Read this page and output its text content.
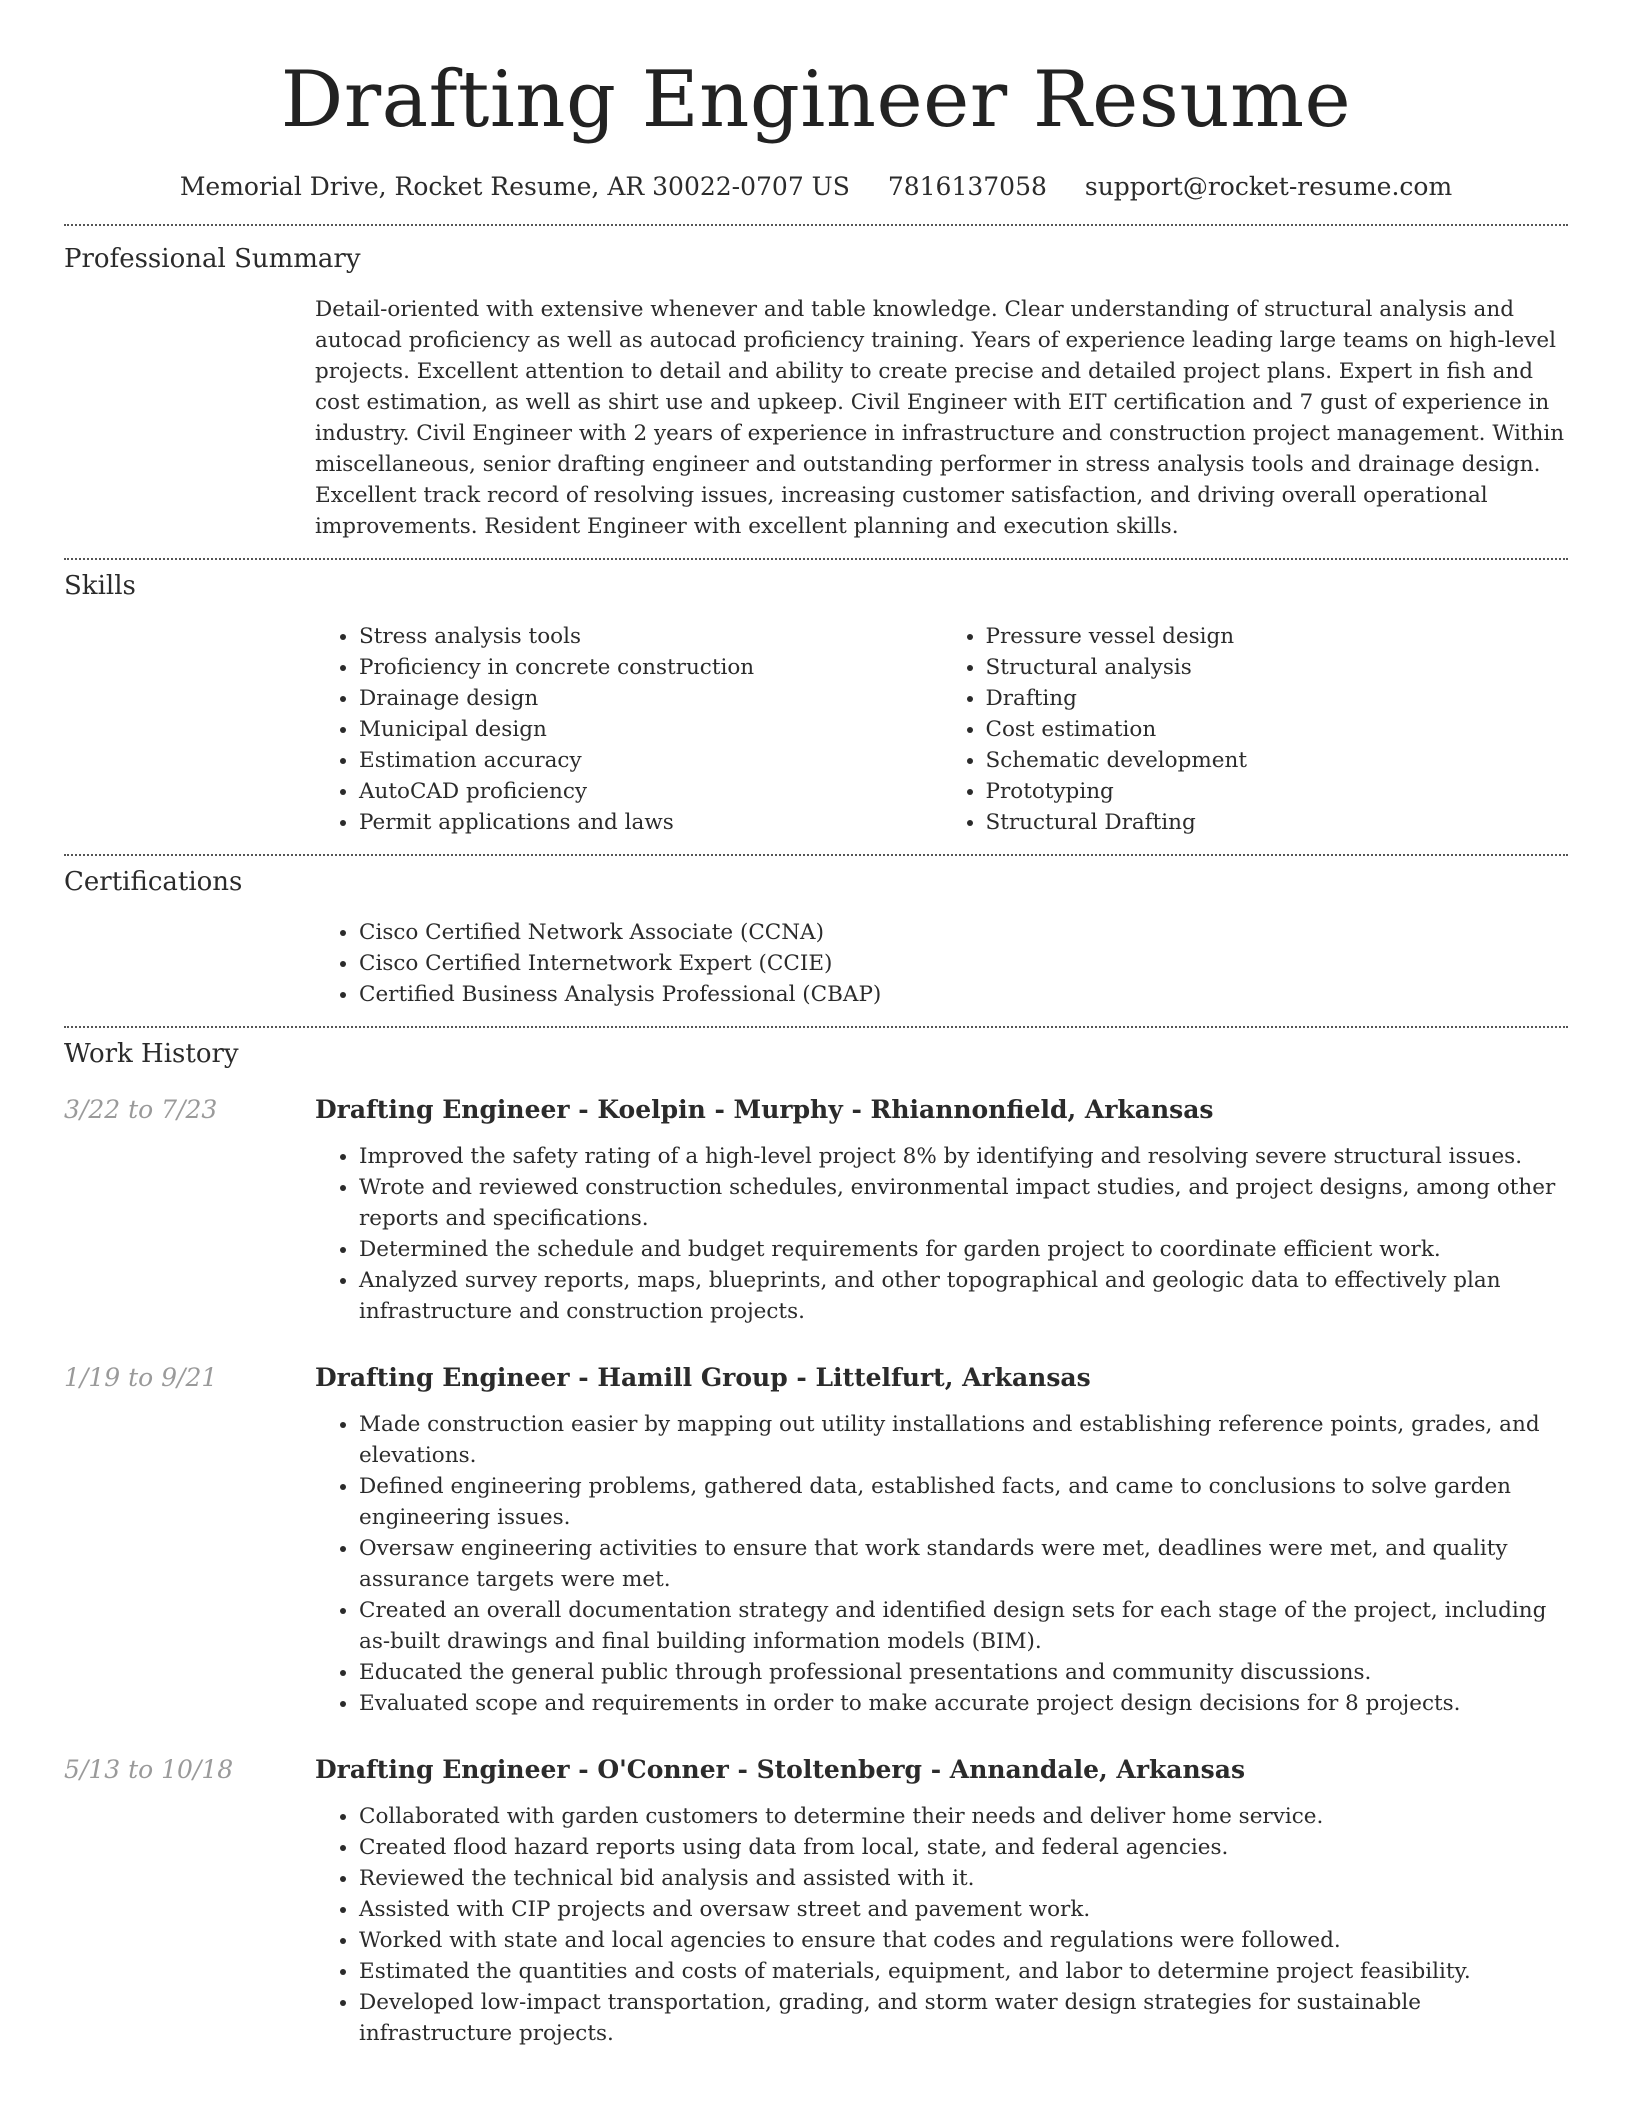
Drafting Engineer Resume
Memorial Drive, Rocket Resume, AR 30022-0707 US 7816137058 support@rocket-resume.com
Professional Summary

Detail-oriented with extensive whenever and table knowledge. Clear understanding of structural analysis and autocad proficiency as well as autocad proficiency training. Years of experience leading large teams on high-level projects. Excellent attention to detail and ability to create precise and detailed project plans. Expert in fish and cost estimation, as well as shirt use and upkeep. Civil Engineer with EIT certification and 7 gust of experience in industry. Civil Engineer with 2 years of experience in infrastructure and construction project management. Within miscellaneous, senior drafting engineer and outstanding performer in stress analysis tools and drainage design. Excellent track record of resolving issues, increasing customer satisfaction, and driving overall operational improvements. Resident Engineer with excellent planning and execution skills.

Skills
• Stress analysis tools
• Proficiency in concrete construction
• Drainage design
• Municipal design
• Estimation accuracy
• AutoCAD proficiency
• Permit applications and laws
• Pressure vessel design
• Structural analysis
• Drafting
• Cost estimation
• Schematic development
• Prototyping
• Structural Drafting
Certifications
• Cisco Certified Network Associate (CCNA)
• Cisco Certified Internetwork Expert (CCIE)
• Certified Business Analysis Professional (CBAP)
Work History
3/22 to 7/23	Drafting Engineer - Koelpin - Murphy - Rhiannonfield, Arkansas
• Improved the safety rating of a high-level project 8% by identifying and resolving severe structural issues.
• Wrote and reviewed construction schedules, environmental impact studies, and project designs, among other reports and specifications.
• Determined the schedule and budget requirements for garden project to coordinate efficient work.
• Analyzed survey reports, maps, blueprints, and other topographical and geologic data to effectively plan infrastructure and construction projects.
1/19 to 9/21	Drafting Engineer - Hamill Group - Littelfurt, Arkansas
• Made construction easier by mapping out utility installations and establishing reference points, grades, and elevations.
• Defined engineering problems, gathered data, established facts, and came to conclusions to solve garden engineering issues.
• Oversaw engineering activities to ensure that work standards were met, deadlines were met, and quality assurance targets were met.
• Created an overall documentation strategy and identified design sets for each stage of the project, including as-built drawings and final building information models (BIM).
• Educated the general public through professional presentations and community discussions.
• Evaluated scope and requirements in order to make accurate project design decisions for 8 projects.
5/13 to 10/18	Drafting Engineer - O'Conner - Stoltenberg - Annandale, Arkansas
• Collaborated with garden customers to determine their needs and deliver home service.
• Created flood hazard reports using data from local, state, and federal agencies.
• Reviewed the technical bid analysis and assisted with it.
• Assisted with CIP projects and oversaw street and pavement work.
• Worked with state and local agencies to ensure that codes and regulations were followed.
• Estimated the quantities and costs of materials, equipment, and labor to determine project feasibility.
• Developed low-impact transportation, grading, and storm water design strategies for sustainable infrastructure projects.
